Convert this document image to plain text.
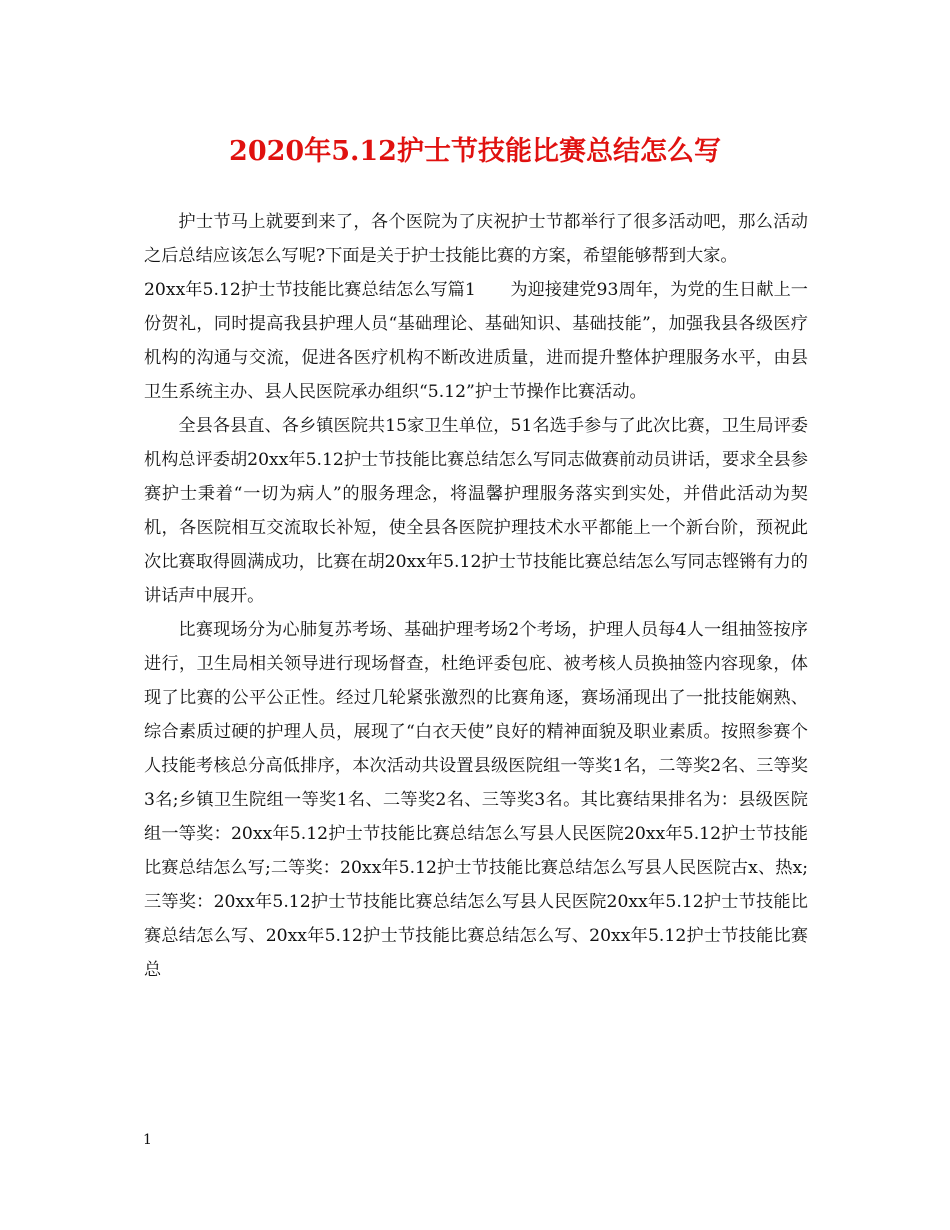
2020年5.12护士节技能比赛总结怎么写

护士节马上就要到来了，各个医院为了庆祝护士节都举行了很多活动吧，那么活动之后总结应该怎么写呢?下面是关于护士技能比赛的方案，希望能够帮到大家。

20xx年5.12护士节技能比赛总结怎么写篇1　　为迎接建党93周年，为党的生日献上一份贺礼，同时提高我县护理人员“基础理论、基础知识、基础技能”，加强我县各级医疗机构的沟通与交流，促进各医疗机构不断改进质量，进而提升整体护理服务水平，由县卫生系统主办、县人民医院承办组织“5.12”护士节操作比赛活动。

全县各县直、各乡镇医院共15家卫生单位，51名选手参与了此次比赛，卫生局评委机构总评委胡20xx年5.12护士节技能比赛总结怎么写同志做赛前动员讲话，要求全县参赛护士秉着“一切为病人”的服务理念，将温馨护理服务落实到实处，并借此活动为契机，各医院相互交流取长补短，使全县各医院护理技术水平都能上一个新台阶，预祝此次比赛取得圆满成功，比赛在胡20xx年5.12护士节技能比赛总结怎么写同志铿锵有力的讲话声中展开。

比赛现场分为心肺复苏考场、基础护理考场2个考场，护理人员每4人一组抽签按序进行，卫生局相关领导进行现场督查，杜绝评委包庇、被考核人员换抽签内容现象，体现了比赛的公平公正性。经过几轮紧张激烈的比赛角逐，赛场涌现出了一批技能娴熟、综合素质过硬的护理人员，展现了“白衣天使”良好的精神面貌及职业素质。按照参赛个人技能考核总分高低排序，本次活动共设置县级医院组一等奖1名，二等奖2名、三等奖3名;乡镇卫生院组一等奖1名、二等奖2名、三等奖3名。其比赛结果排名为：县级医院组一等奖：20xx年5.12护士节技能比赛总结怎么写县人民医院20xx年5.12护士节技能比赛总结怎么写;二等奖：20xx年5.12护士节技能比赛总结怎么写县人民医院古x、热x;三等奖：20xx年5.12护士节技能比赛总结怎么写县人民医院20xx年5.12护士节技能比赛总结怎么写、20xx年5.12护士节技能比赛总结怎么写、20xx年5.12护士节技能比赛总

1
